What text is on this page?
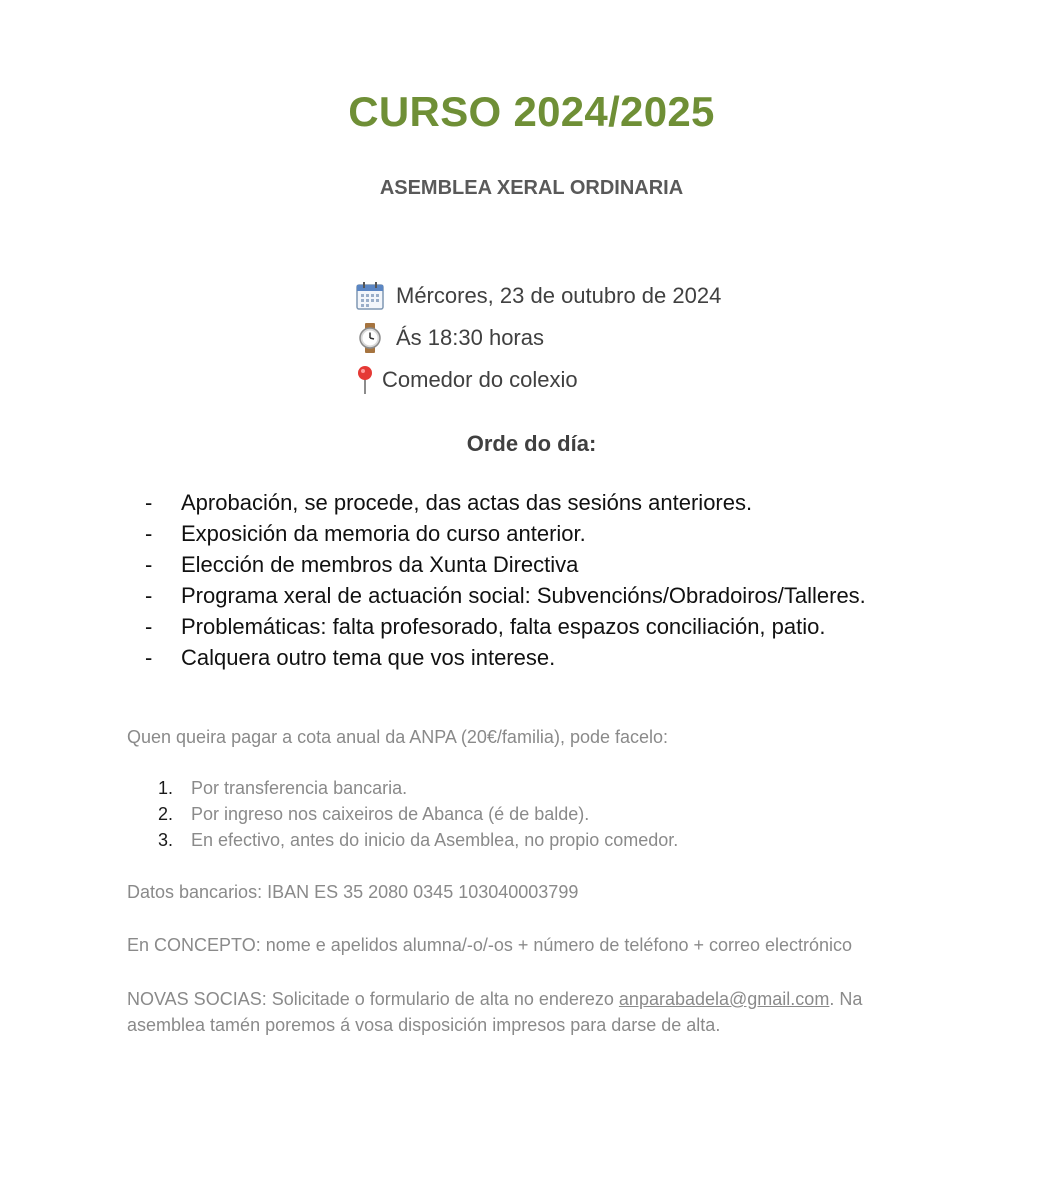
CURSO 2024/2025
ASEMBLEA XERAL ORDINARIA
Mércores, 23 de outubro de 2024
Ás 18:30 horas
Comedor do colexio
Orde do día:
-	Aprobación, se procede, das actas das sesións anteriores.
-	Exposición da memoria do curso anterior.
-	Elección de membros da Xunta Directiva
-	Programa xeral de actuación social: Subvencións/Obradoiros/Talleres.
-	Problemáticas: falta profesorado, falta espazos conciliación, patio.
-	Calquera outro tema que vos interese.
Quen queira pagar a cota anual da ANPA (20€/familia), pode facelo:
1. Por transferencia bancaria.
2. Por ingreso nos caixeiros de Abanca (é de balde).
3. En efectivo, antes do inicio da Asemblea, no propio comedor.
Datos bancarios: IBAN ES 35 2080 0345 103040003799
En CONCEPTO: nome e apelidos alumna/-o/-os + número de teléfono + correo electrónico
NOVAS SOCIAS: Solicitade o formulario de alta no enderezo anparabadela@gmail.com. Na asemblea tamén poremos á vosa disposición impresos para darse de alta.
